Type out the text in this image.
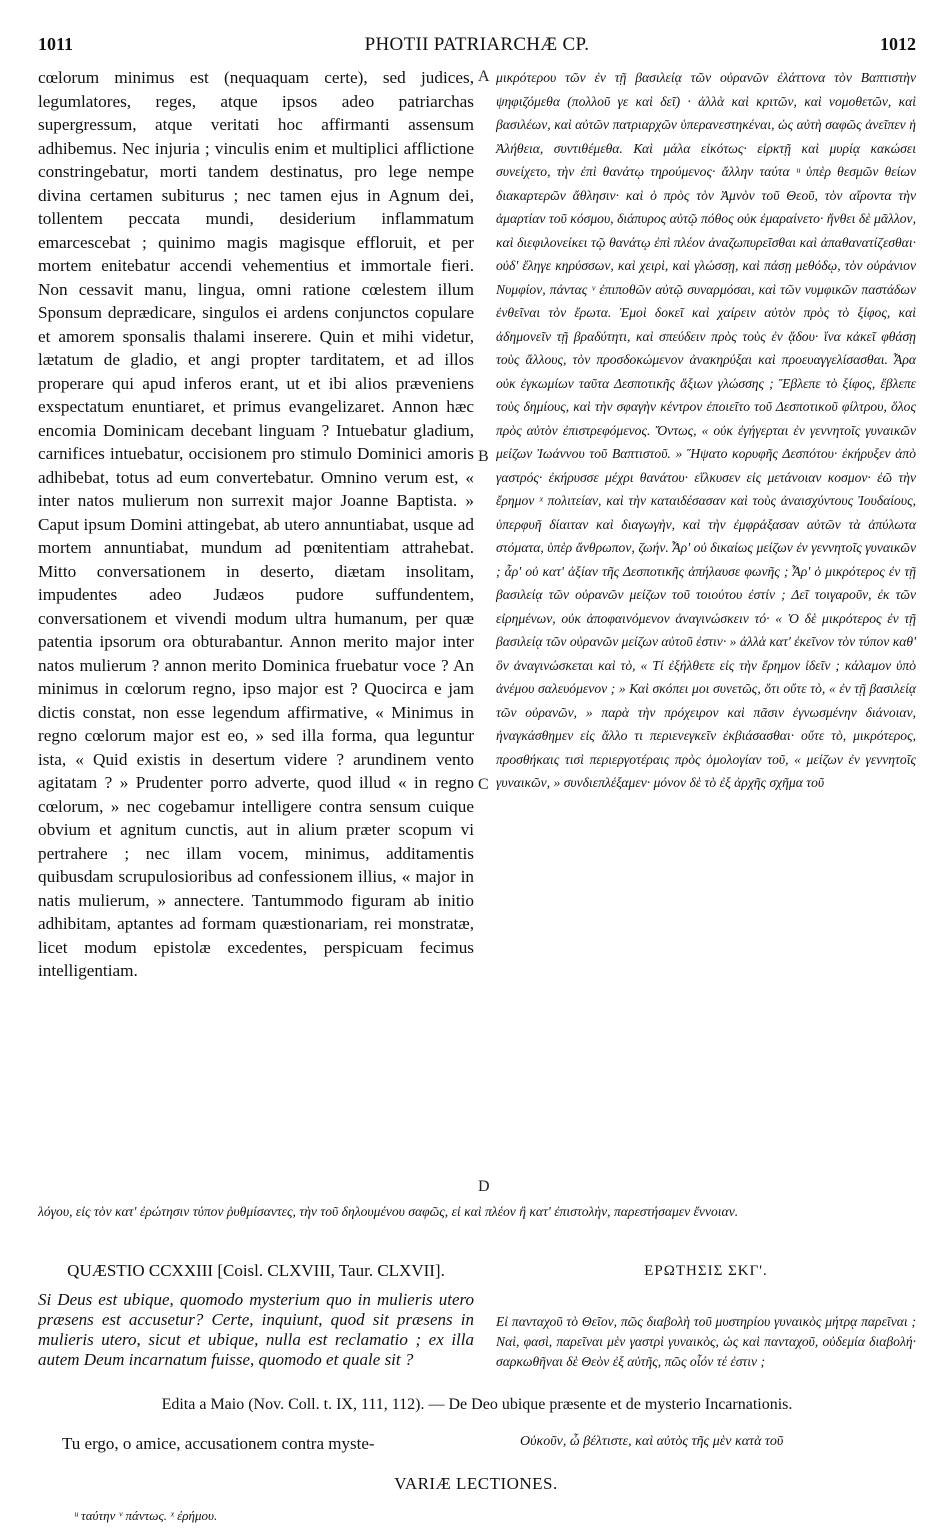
1011	PHOTII PATRIARCHÆ CP.	1012

cœlorum minimus est (nequaquam certe), sed judices, legumlatores, reges, atque ipsos adeo patriarchas supergressum, atque veritati hoc affirmanti assensum adhibemus. Nec injuria ; vinculis enim et multiplici afflictione constringebatur, morti tandem destinatus, pro lege nempe divina certamen subiturus ; nec tamen ejus in Agnum dei, tollentem peccata mundi, desiderium inflammatum emarcescebat ; quinimo magis magisque effloruit, et per mortem enitebatur accendi vehementius et immortale fieri. Non cessavit manu, lingua, omni ratione cœlestem illum Sponsum deprædicare, singulos ei ardens conjunctos copulare et amorem sponsalis thalami inserere. Quin et mihi videtur, lætatum de gladio, et angi propter tarditatem, et ad illos properare qui apud inferos erant, ut et ibi alios præveniens exspectatum enuntiaret, et primus evangelizaret. Annon hæc encomia Dominicam decebant linguam ? Intuebatur gladium, carnifices intuebatur, occisionem pro stimulo Dominici amoris adhibebat, totus ad eum convertebatur. Omnino verum est, « inter natos mulierum non surrexit major Joanne Baptista. » Caput ipsum Domini attingebat, ab utero annuntiabat, usque ad mortem annuntiabat, mundum ad pœnitentiam attrahebat. Mitto conversationem in deserto, diætam insolitam, impudentes adeo Judæos pudore suffundentem, conversationem et vivendi modum ultra humanum, per quæ patentia ipsorum ora obturabantur. Annon merito major inter natos mulierum ? annon merito Dominica fruebatur voce ? An minimus in cœlorum regno, ipso major est ? Quocirca e jam dictis constat, non esse legendum affirmative, « Minimus in regno cœlorum major est eo, » sed illa forma, qua leguntur ista, « Quid existis in desertum videre ? arundinem vento agitatam ? » Prudenter porro adverte, quod illud « in regno cœlorum, » nec cogebamur intelligere contra sensum cuique obvium et agnitum cunctis, aut in alium præter scopum vi pertrahere ; nec illam vocem, minimus, additamentis quibusdam scrupulosioribus ad confessionem illius, « major in natis mulierum, » annectere. Tantummodo figuram ab initio adhibitam, aptantes ad formam quæstionariam, rei monstratæ, licet modum epistolæ excedentes, perspicuam fecimus intelligentiam.

μικρότερου τῶν ἐν τῇ βασιλείᾳ τῶν οὐρανῶν ἐλάττονα τὸν Βαπτιστὴν ψηφιζόμεθα (πολλοῦ γε καὶ δεῖ) · ἀλλὰ καὶ κριτῶν, καὶ νομοθετῶν, καὶ βασιλέων, καὶ αὐτῶν πατριαρχῶν ὑπερανεστηκέναι, ὡς αὐτὴ σαφῶς ἀνεῖπεν ἡ Ἀλήθεια, συντιθέμεθα. Καὶ μάλα εἰκότως· εἱρκτῇ καὶ μυρίᾳ κακώσει συνείχετο, τὴν ἐπὶ θανάτῳ τηρούμενος· ἄλλην ταύτα ᵘ ὑπὲρ θεσμῶν θείων διακαρτερῶν ἄθλησιν· καὶ ὁ πρὸς τὸν Ἀμνὸν τοῦ Θεοῦ, τὸν αἴροντα τὴν ἁμαρτίαν τοῦ κόσμου, διάπυρος αὐτῷ πόθος οὐκ ἐμαραίνετο· ἤνθει δὲ μᾶλλον, καὶ διεφιλονείκει τῷ θανάτῳ ἐπὶ πλέον ἀναζωπυρεῖσθαι καὶ ἀπαθανατίζεσθαι· οὐδ' ἔληγε κηρύσσων, καὶ χειρὶ, καὶ γλώσσῃ, καὶ πάσῃ μεθόδῳ, τὸν οὐράνιον Νυμφίον, πάντας ᵛ ἐπιποθῶν αὐτῷ συναρμόσαι, καὶ τῶν νυμφικῶν παστάδων ἐνθεῖναι τὸν ἔρωτα. Ἐμοὶ δοκεῖ καὶ χαίρειν αὐτὸν πρὸς τὸ ξίφος, καὶ ἀδημονεῖν τῇ βραδύτητι, καὶ σπεύδειν πρὸς τοὺς ἐν ᾅδου· ἵνα κἀκεῖ φθάσῃ τοὺς ἄλλους, τὸν προσδοκώμενον ἀνακηρύξαι καὶ προευαγγελίσασθαι. Ἆρα οὐκ ἐγκωμίων ταῦτα Δεσποτικῆς ἄξιων γλώσσης ; Ἔβλεπε τὸ ξίφος, ἔβλεπε τοὺς δημίους, καὶ τὴν σφαγὴν κέντρον ἐποιεῖτο τοῦ Δεσποτικοῦ φίλτρου, ὅλος πρὸς αὐτὸν ἐπιστρεφόμενος. Ὄντως, « οὐκ ἐγήγερται ἐν γεννητοῖς γυναικῶν μείζων Ἰωάννου τοῦ Βαπτιστοῦ. » Ἥψατο κορυφῆς Δεσπότου· ἐκήρυξεν ἀπὸ γαστρός· ἐκήρυσσε μέχρι θανάτου· εἵλκυσεν εἰς μετάνοιαν κοσμον· ἐῶ τὴν ἔρημον ˣ πολιτείαν, καὶ τὴν καταιδέσασαν καὶ τοὺς ἀναισχύντους Ἰουδαίους, ὑπερφυῆ δίαιταν καὶ διαγωγὴν, καὶ τὴν ἐμφράξασαν αὐτῶν τὰ ἀπύλωτα στόματα, ὑπὲρ ἄνθρωπον, ζωήν. Ἆρ' οὐ δικαίως μείζων ἐν γεννητοῖς γυναικῶν ; ἆρ' οὐ κατ' ἀξίαν τῆς Δεσποτικῆς ἀπήλαυσε φωνῆς ; Ἆρ' ὁ μικρότερος ἐν τῇ βασιλείᾳ τῶν οὐρανῶν μείζων τοῦ τοιούτου ἐστίν ; Δεῖ τοιγαροῦν, ἐκ τῶν εἰρημένων, οὐκ ἀποφαινόμενον ἀναγινώσκειν τό· « Ὁ δὲ μικρότερος ἐν τῇ βασιλείᾳ τῶν οὐρανῶν μείζων αὐτοῦ ἐστιν· » ἀλλὰ κατ' ἐκεῖνον τὸν τύπον καθ' ὃν ἀναγινώσκεται καὶ τὸ, « Τί ἐξήλθετε εἰς τὴν ἔρημον ἰδεῖν ; κάλαμον ὑπὸ ἀνέμου σαλευόμενον ; » Καὶ σκόπει μοι συνετῶς, ὅτι οὔτε τὸ, « ἐν τῇ βασιλείᾳ τῶν οὐρανῶν, » παρὰ τὴν πρόχειρον καὶ πᾶσιν ἐγνωσμένην διάνοιαν, ἠναγκάσθημεν εἰς ἄλλο τι περιενεγκεῖν ἐκβιάσασθαι· οὔτε τὸ, μικρότερος, προσθήκαις τισὶ περιεργοτέραις πρὸς ὁμολογίαν τοῦ, « μείζων ἐν γεννητοῖς γυναικῶν, » συνδιεπλέξαμεν· μόνον δὲ τὸ ἐξ ἀρχῆς σχῆμα τοῦ

A
B
C
D

λόγου, εἰς τὸν κατ' ἐρώτησιν τύπον ῥυθμίσαντες, τὴν τοῦ δηλουμένου σαφῶς, εἰ καὶ πλέον ἢ κατ' ἐπιστολὴν, παρεστήσαμεν ἔννοιαν.

QUÆSTIO CCXXIII [Coisl. CLXVIII, Taur. CLXVII].
Si Deus est ubique, quomodo mysterium quo in mulieris utero præsens est accusetur? Certe, inquiunt, quod sit præsens in mulieris utero, sicut et ubique, nulla est reclamatio ; ex illa autem Deum incarnatum fuisse, quomodo et quale sit ?
ΕΡΩΤΗΣΙΣ ΣΚΓ'.
Εἰ πανταχοῦ τὸ Θεῖον, πῶς διαβολὴ τοῦ μυστηρίου γυναικὸς μήτρᾳ παρεῖναι ; Ναὶ, φασὶ, παρεῖναι μὲν γαστρὶ γυναικὸς, ὡς καὶ πανταχοῦ, οὐδεμία διαβολή· σαρκωθῆναι δὲ Θεὸν ἐξ αὐτῆς, πῶς οἷόν τέ ἐστιν ;
Edita a Maio (Nov. Coll. t. IX, 111, 112). — De Deo ubique præsente et de mysterio Incarnationis.
Tu ergo, o amice, accusationem contra myste-	Οὐκοῦν, ὦ βέλτιστε, καὶ αὐτὸς τῆς μὲν κατὰ τοῦ
VARIÆ LECTIONES.
ᵘ ταύτην ᵛ πάντως. ˣ ἐρήμου.
